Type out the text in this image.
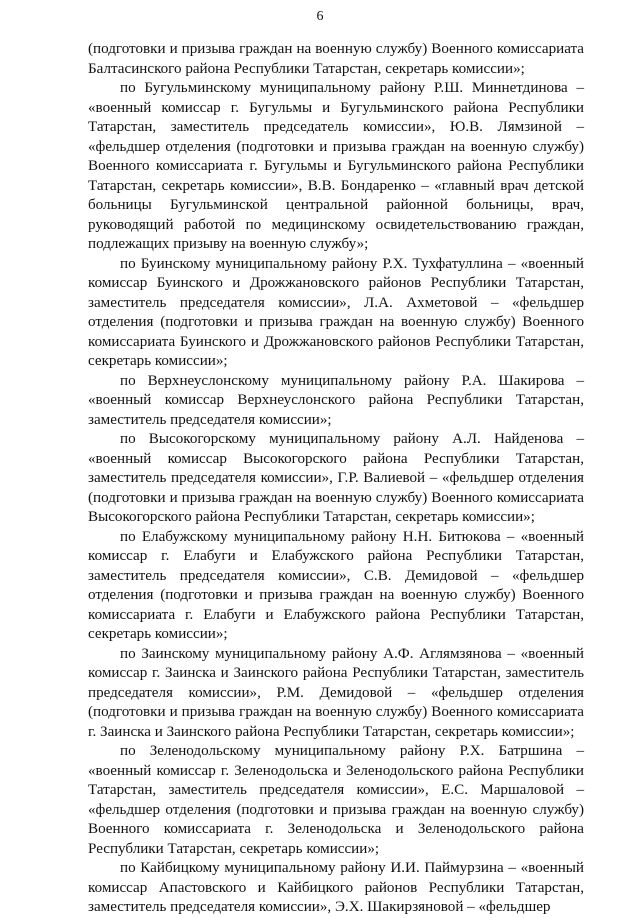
6

(подготовки и призыва граждан на военную службу) Военного комиссариата Балтасинского района Республики Татарстан, секретарь комиссии»;

по Бугульминскому муниципальному району Р.Ш. Миннетдинова – «военный комиссар г. Бугульмы и Бугульминского района Республики Татарстан, заместитель председатель комиссии», Ю.В. Лямзиной – «фельдшер отделения (подготовки и призыва граждан на военную службу) Военного комиссариата г. Бугульмы и Бугульминского района Республики Татарстан, секретарь комиссии», В.В. Бондаренко – «главный врач детской больницы Бугульминской центральной районной больницы, врач, руководящий работой по медицинскому освидетельствованию граждан, подлежащих призыву на военную службу»;

по Буинскому муниципальному району Р.Х. Тухфатуллина – «военный комиссар Буинского и Дрожжановского районов Республики Татарстан, заместитель председателя комиссии», Л.А. Ахметовой – «фельдшер отделения (подготовки и призыва граждан на военную службу) Военного комиссариата Буинского и Дрожжановского районов Республики Татарстан, секретарь комиссии»;

по Верхнеуслонскому муниципальному району Р.А. Шакирова – «военный комиссар Верхнеуслонского района Республики Татарстан, заместитель председателя комиссии»;

по Высокогорскому муниципальному району А.Л. Найденова – «военный комиссар Высокогорского района Республики Татарстан, заместитель председателя комиссии», Г.Р. Валиевой – «фельдшер отделения (подготовки и призыва граждан на военную службу) Военного комиссариата Высокогорского района Республики Татарстан, секретарь комиссии»;

по Елабужскому муниципальному району Н.Н. Битюкова – «военный комиссар г. Елабуги и Елабужского района Республики Татарстан, заместитель председателя комиссии», С.В. Демидовой – «фельдшер отделения (подготовки и призыва граждан на военную службу) Военного комиссариата г. Елабуги и Елабужского района Республики Татарстан, секретарь комиссии»;

по Заинскому муниципальному району А.Ф. Аглямзянова – «военный комиссар г. Заинска и Заинского района Республики Татарстан, заместитель председателя комиссии», Р.М. Демидовой – «фельдшер отделения (подготовки и призыва граждан на военную службу) Военного комиссариата г. Заинска и Заинского района Республики Татарстан, секретарь комиссии»;

по Зеленодольскому муниципальному району Р.Х. Батршина – «военный комиссар г. Зеленодольска и Зеленодольского района Республики Татарстан, заместитель председателя комиссии», Е.С. Маршаловой – «фельдшер отделения (подготовки и призыва граждан на военную службу) Военного комиссариата г. Зеленодольска и Зеленодольского района Республики Татарстан, секретарь комиссии»;

по Кайбицкому муниципальному району И.И. Паймурзина – «военный комиссар Апастовского и Кайбицкого районов Республики Татарстан, заместитель председателя комиссии», Э.Х. Шакирзяновой – «фельдшер
